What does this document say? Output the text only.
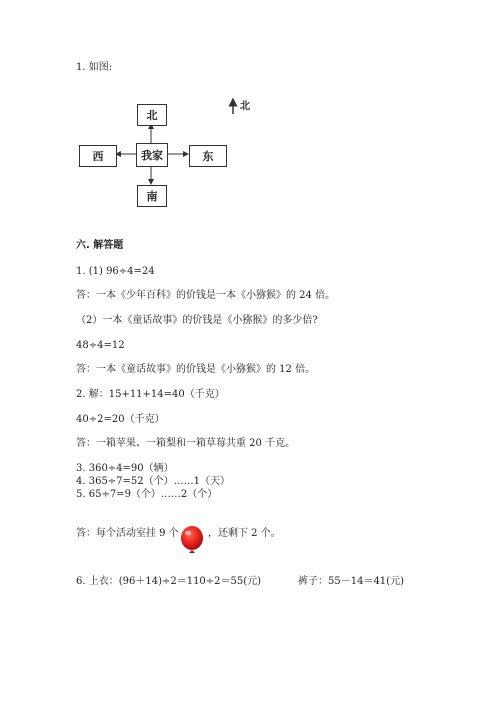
1. 如图:
北
西	我家	东
南
北
六. 解答题
1. (1) 96÷4=24
答：一本《少年百科》的价钱是一本《小猕猴》的 24 倍。
（2）一本《童话故事》的价钱是《小猕猴》的多少倍?
48÷4=12
答：一本《童话故事》的价钱是《小猕猴》的 12 倍。
2. 解：15+11+14=40（千克）
40÷2=20（千克）
答：一箱苹果、一箱梨和一箱草莓共重 20 千克。
3. 360÷4=90（辆）
4. 365÷7=52（个）……1（天）
5. 65÷7=9（个）……2（个）
答：每个活动室挂 9 个	，还剩下 2 个。
6. 上衣：(96＋14)÷2＝110÷2＝55(元)	裤子：55－14＝41(元)
